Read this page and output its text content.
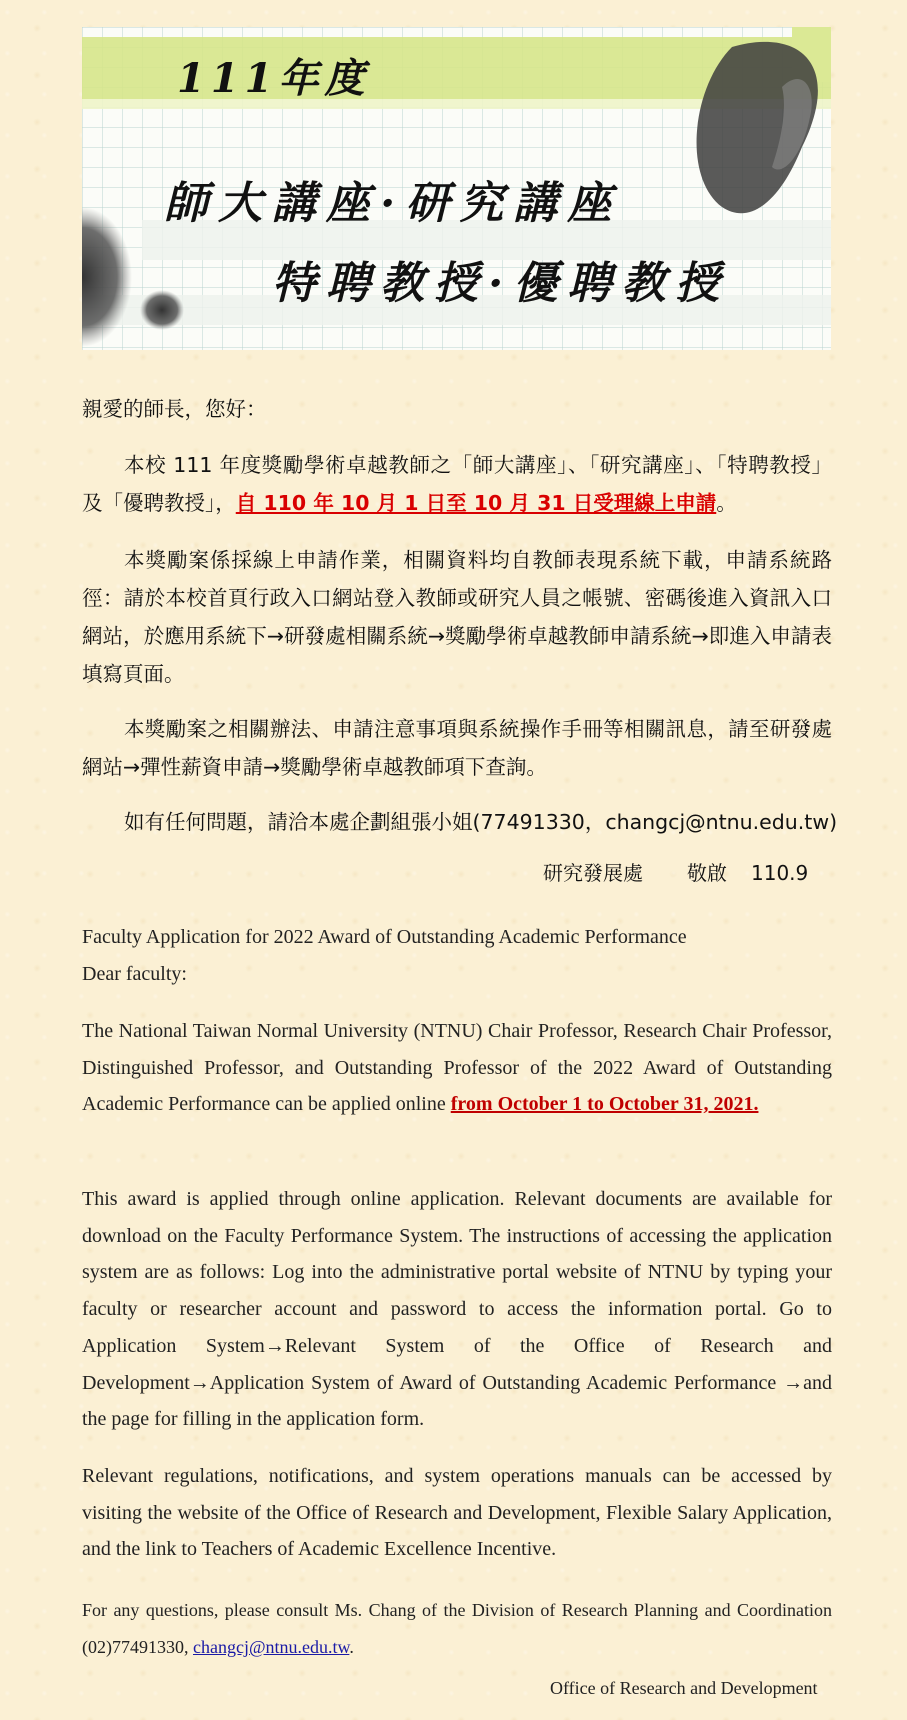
111年度
師大講座·研究講座
特聘教授·優聘教授

親愛的師長，您好：

本校 111 年度獎勵學術卓越教師之「師大講座」、「研究講座」、「特聘教授」及「優聘教授」，自 110 年 10 月 1 日至 10 月 31 日受理線上申請。

本獎勵案係採線上申請作業，相關資料均自教師表現系統下載，申請系統路徑：請於本校首頁行政入口網站登入教師或研究人員之帳號、密碼後進入資訊入口網站，於應用系統下→研發處相關系統→獎勵學術卓越教師申請系統→即進入申請表填寫頁面。

本獎勵案之相關辦法、申請注意事項與系統操作手冊等相關訊息，請至研發處網站→彈性薪資申請→獎勵學術卓越教師項下查詢。

如有任何問題，請洽本處企劃組張小姐(77491330，changcj@ntnu.edu.tw)

研究發展處 敬啟 110.9

Faculty Application for 2022 Award of Outstanding Academic Performance

Dear faculty:

The National Taiwan Normal University (NTNU) Chair Professor, Research Chair Professor, Distinguished Professor, and Outstanding Professor of the 2022 Award of Outstanding Academic Performance can be applied online from October 1 to October 31, 2021.

This award is applied through online application. Relevant documents are available for download on the Faculty Performance System. The instructions of accessing the application system are as follows: Log into the administrative portal website of NTNU by typing your faculty or researcher account and password to access the information portal. Go to Application System→Relevant System of the Office of Research and Development→Application System of Award of Outstanding Academic Performance →and the page for filling in the application form.

Relevant regulations, notifications, and system operations manuals can be accessed by visiting the website of the Office of Research and Development, Flexible Salary Application, and the link to Teachers of Academic Excellence Incentive.

For any questions, please consult Ms. Chang of the Division of Research Planning and Coordination (02)77491330, changcj@ntnu.edu.tw.

Office of Research and Development
